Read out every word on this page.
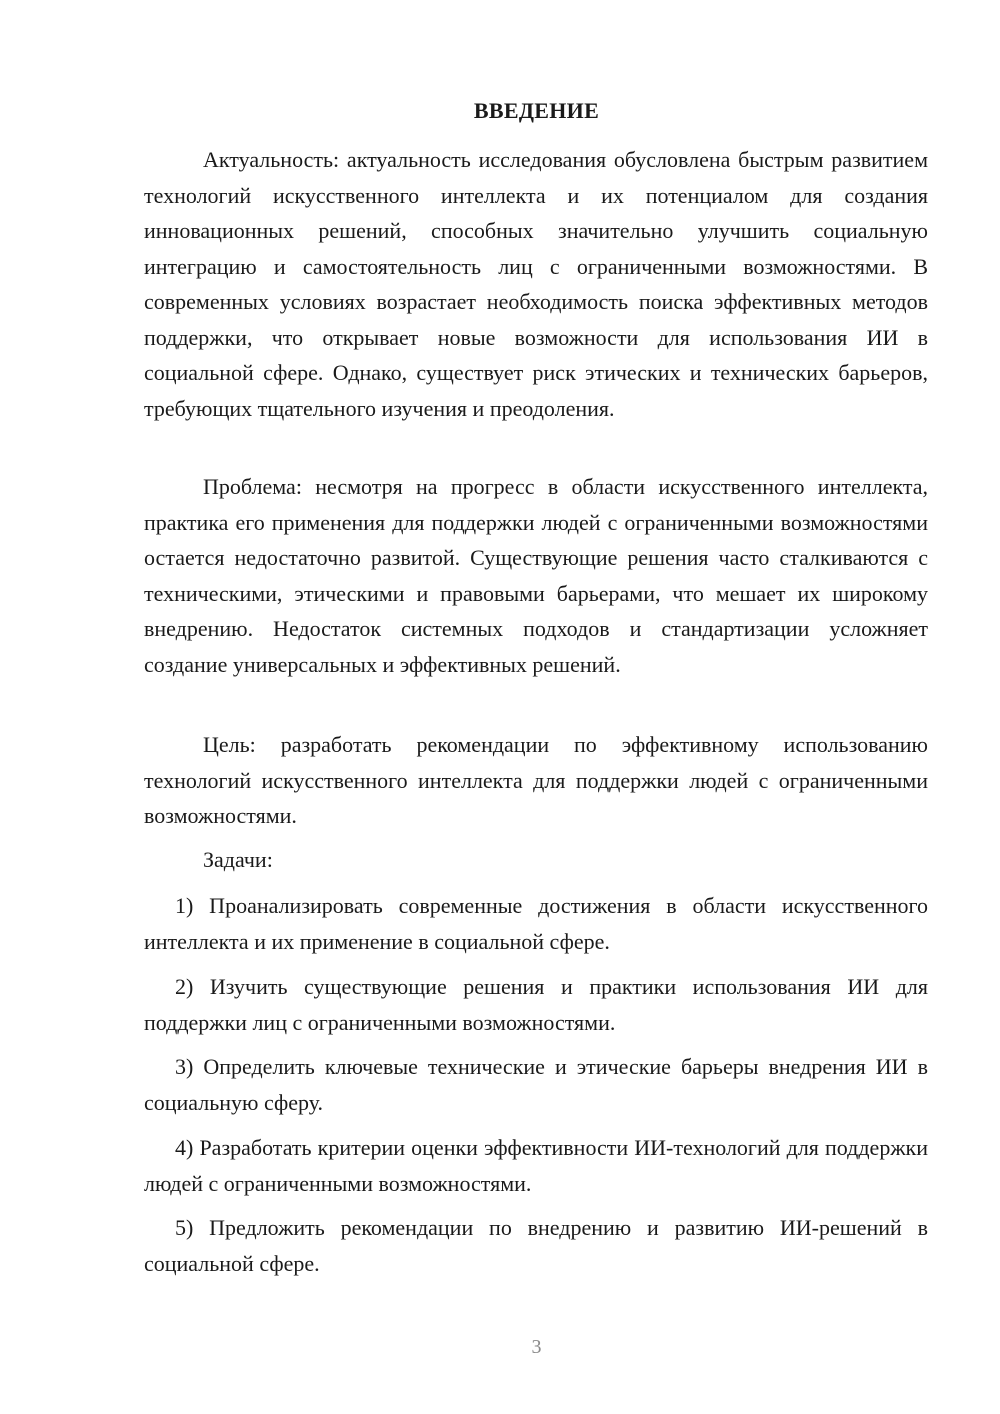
ВВЕДЕНИЕ

Актуальность: актуальность исследования обусловлена быстрым развитием технологий искусственного интеллекта и их потенциалом для создания инновационных решений, способных значительно улучшить социальную интеграцию и самостоятельность лиц с ограниченными возможностями. В современных условиях возрастает необходимость поиска эффективных методов поддержки, что открывает новые возможности для использования ИИ в социальной сфере. Однако, существует риск этических и технических барьеров, требующих тщательного изучения и преодоления.

Проблема: несмотря на прогресс в области искусственного интеллекта, практика его применения для поддержки людей с ограниченными возможностями остается недостаточно развитой. Существующие решения часто сталкиваются с техническими, этическими и правовыми барьерами, что мешает их широкому внедрению. Недостаток системных подходов и стандартизации усложняет создание универсальных и эффективных решений.

Цель: разработать рекомендации по эффективному использованию технологий искусственного интеллекта для поддержки людей с ограниченными возможностями.

Задачи:

1) Проанализировать современные достижения в области искусственного интеллекта и их применение в социальной сфере.

2) Изучить существующие решения и практики использования ИИ для поддержки лиц с ограниченными возможностями.

3) Определить ключевые технические и этические барьеры внедрения ИИ в социальную сферу.

4) Разработать критерии оценки эффективности ИИ-технологий для поддержки людей с ограниченными возможностями.

5) Предложить рекомендации по внедрению и развитию ИИ-решений в социальной сфере.

3
